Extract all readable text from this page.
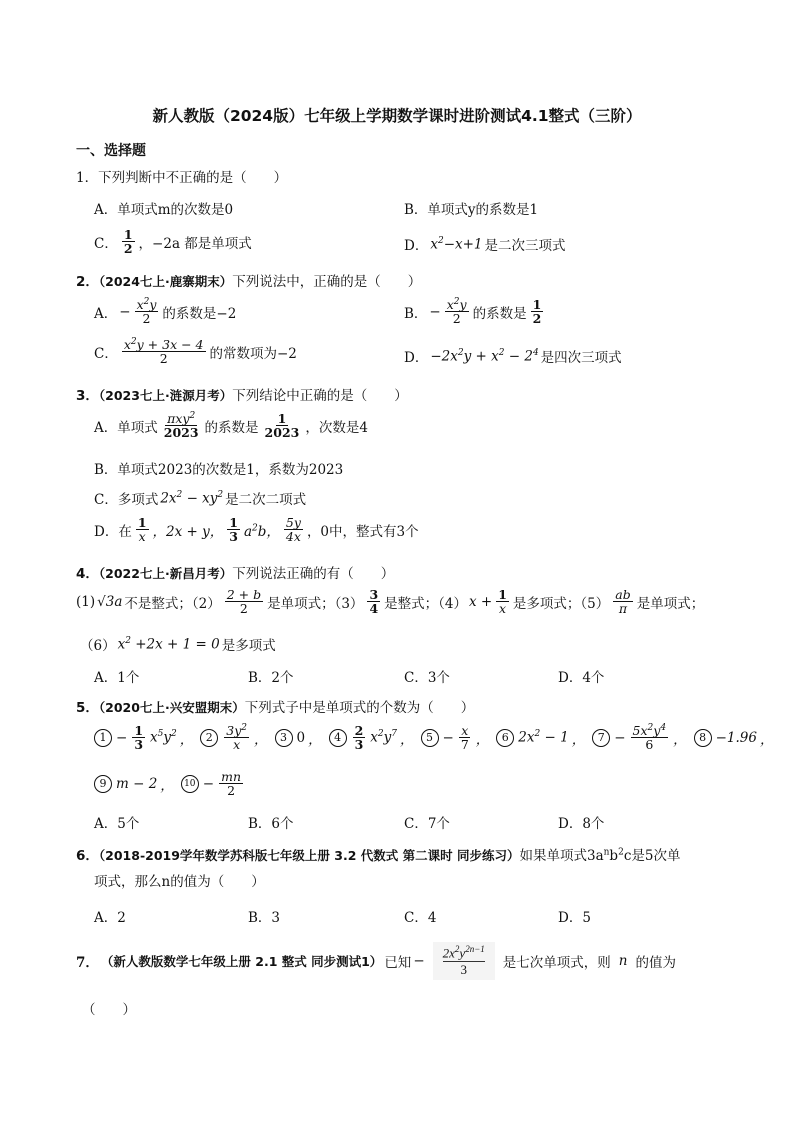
新人教版（2024版）七年级上学期数学课时进阶测试4.1整式（三阶）
一、选择题
1．下列判断中不正确的是（　　）
A．单项式m的次数是0	B．单项式y的系数是1
C． $\frac{1}{2}$ ，−2a 都是单项式	D． $x^2-x+1$ 是二次三项式
2．（2024七上·鹿寨期末）下列说法中，正确的是（　　）
A． − $\frac{x^2y}{2}$ 的系数是−2	B． − $\frac{x^2y}{2}$ 的系数是 $\frac{1}{2}$
C． $\frac{x^2y + 3x - 4}{2}$ 的常数项为−2	D． $-2x^2y + x^2 - 2^4$ 是四次三项式
3．（2023七上·涟源月考）下列结论中正确的是（　　）
A．单项式 $\frac{\pi xy^2}{2023}$ 的系数是 $\frac{1}{2023}$ ，次数是4
B．单项式2023的次数是1，系数为2023
C．多项式 $2x^2 - xy^2$ 是二次二项式
D．在 $\frac{1}{x}$ ，2x + y， $\frac{1}{3} a^2b$， $\frac{5y}{4x}$ ，0中，整式有3个
4．（2022七上·新昌月考）下列说法正确的有（　　）
(1) √3a 不是整式；$(2) \frac{2 + b}{2}$ 是单项式；$(3) \frac{3}{4}$ 是整式；（4） $x + \frac{1}{x}$ 是多项式；$(5) \frac{ab}{\pi}$ 是单项式；
（6） $x^2 +2x + 1 = 0$ 是多项式
A．1个	B．2个	C．3个	D．4个
5．（2020七上·兴安盟期末）下列式子中是单项式的个数为（　　）
$1 - \frac{1}{3} x^5y^2$ ，	$2 \frac{3y^2}{x}$ ，	3 0 ，	$4 \frac{2}{3} x^2y^7$ ，	$5 - \frac{x}{7}$ ，	6 $2x^2 - 1$ ，	$7 - \frac{5x^2y^4}{6}$ ，	8 −1.96 ，
9 m − 2 ，	$10 - \frac{mn}{2}$
A．5个	B．6个	C．7个	D．8个
6．（2018-2019学年数学苏科版七年级上册 3.2 代数式 第二课时 同步练习）如果单项式$3a^nb^2c$是5次单
项式，那么n的值为（　　）
A．2	B．3	C．4	D．5
7． （新人教版数学七年级上册 2.1 整式 同步测试1） 已知 − $\frac{2x^2y^{2n-1}}{3}$ 是七次单项式，则 n 的值为
（　　）
